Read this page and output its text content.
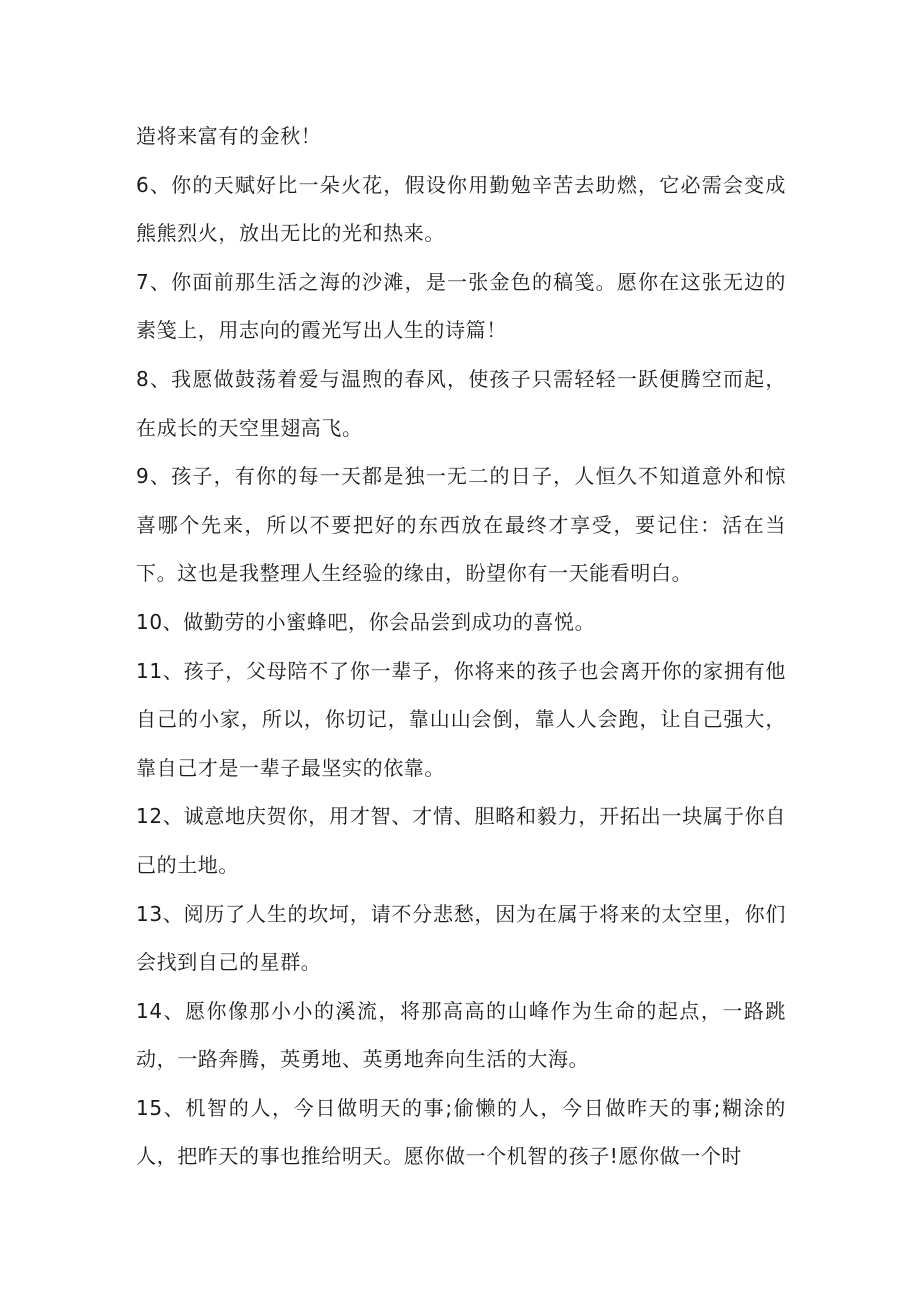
造将来富有的金秋！

6、你的天赋好比一朵火花，假设你用勤勉辛苦去助燃，它必需会变成熊熊烈火，放出无比的光和热来。

7、你面前那生活之海的沙滩，是一张金色的稿笺。愿你在这张无边的素笺上，用志向的霞光写出人生的诗篇！

8、我愿做鼓荡着爱与温煦的春风，使孩子只需轻轻一跃便腾空而起，在成长的天空里翅高飞。

9、孩子，有你的每一天都是独一无二的日子，人恒久不知道意外和惊喜哪个先来，所以不要把好的东西放在最终才享受，要记住：活在当下。这也是我整理人生经验的缘由，盼望你有一天能看明白。

10、做勤劳的小蜜蜂吧，你会品尝到成功的喜悦。

11、孩子，父母陪不了你一辈子，你将来的孩子也会离开你的家拥有他自己的小家，所以，你切记，靠山山会倒，靠人人会跑，让自己强大，靠自己才是一辈子最坚实的依靠。

12、诚意地庆贺你，用才智、才情、胆略和毅力，开拓出一块属于你自己的土地。

13、阅历了人生的坎坷，请不分悲愁，因为在属于将来的太空里，你们会找到自己的星群。

14、愿你像那小小的溪流，将那高高的山峰作为生命的起点，一路跳动，一路奔腾，英勇地、英勇地奔向生活的大海。

15、机智的人，今日做明天的事;偷懒的人，今日做昨天的事;糊涂的人，把昨天的事也推给明天。愿你做一个机智的孩子!愿你做一个时
